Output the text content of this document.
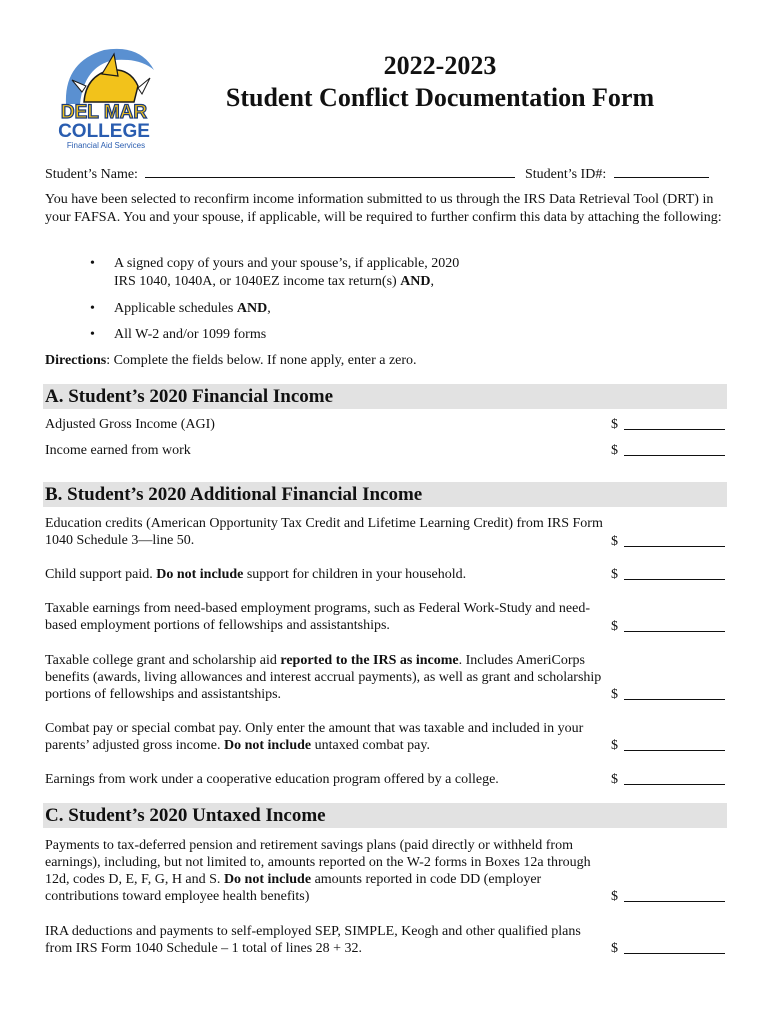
DEL MAR
COLLEGE
Financial Aid Services
2022-2023
Student Conflict Documentation Form
Student’s Name:	Student’s ID#:
You have been selected to reconfirm income information submitted to us through the IRS Data Retrieval Tool (DRT) in your FAFSA. You and your spouse, if applicable, will be required to further confirm this data by attaching the following:
• A signed copy of yours and your spouse’s, if applicable, 2020
IRS 1040, 1040A, or 1040EZ income tax return(s) AND,
• Applicable schedules AND,
• All W-2 and/or 1099 forms
Directions: Complete the fields below. If none apply, enter a zero.
A. Student’s 2020 Financial Income
Adjusted Gross Income (AGI)	$
Income earned from work	$
B. Student’s 2020 Additional Financial Income
Education credits (American Opportunity Tax Credit and Lifetime Learning Credit) from IRS Form 1040 Schedule 3—line 50.	$
Child support paid. Do not include support for children in your household.	$
Taxable earnings from need-based employment programs, such as Federal Work-Study and need-based employment portions of fellowships and assistantships.	$
Taxable college grant and scholarship aid reported to the IRS as income. Includes AmeriCorps benefits (awards, living allowances and interest accrual payments), as well as grant and scholarship portions of fellowships and assistantships.	$
Combat pay or special combat pay. Only enter the amount that was taxable and included in your parents’ adjusted gross income. Do not include untaxed combat pay.	$
Earnings from work under a cooperative education program offered by a college.	$
C. Student’s 2020 Untaxed Income
Payments to tax-deferred pension and retirement savings plans (paid directly or withheld from earnings), including, but not limited to, amounts reported on the W-2 forms in Boxes 12a through 12d, codes D, E, F, G, H and S. Do not include amounts reported in code DD (employer contributions toward employee health benefits)	$
IRA deductions and payments to self-employed SEP, SIMPLE, Keogh and other qualified plans from IRS Form 1040 Schedule – 1 total of lines 28 + 32.	$
